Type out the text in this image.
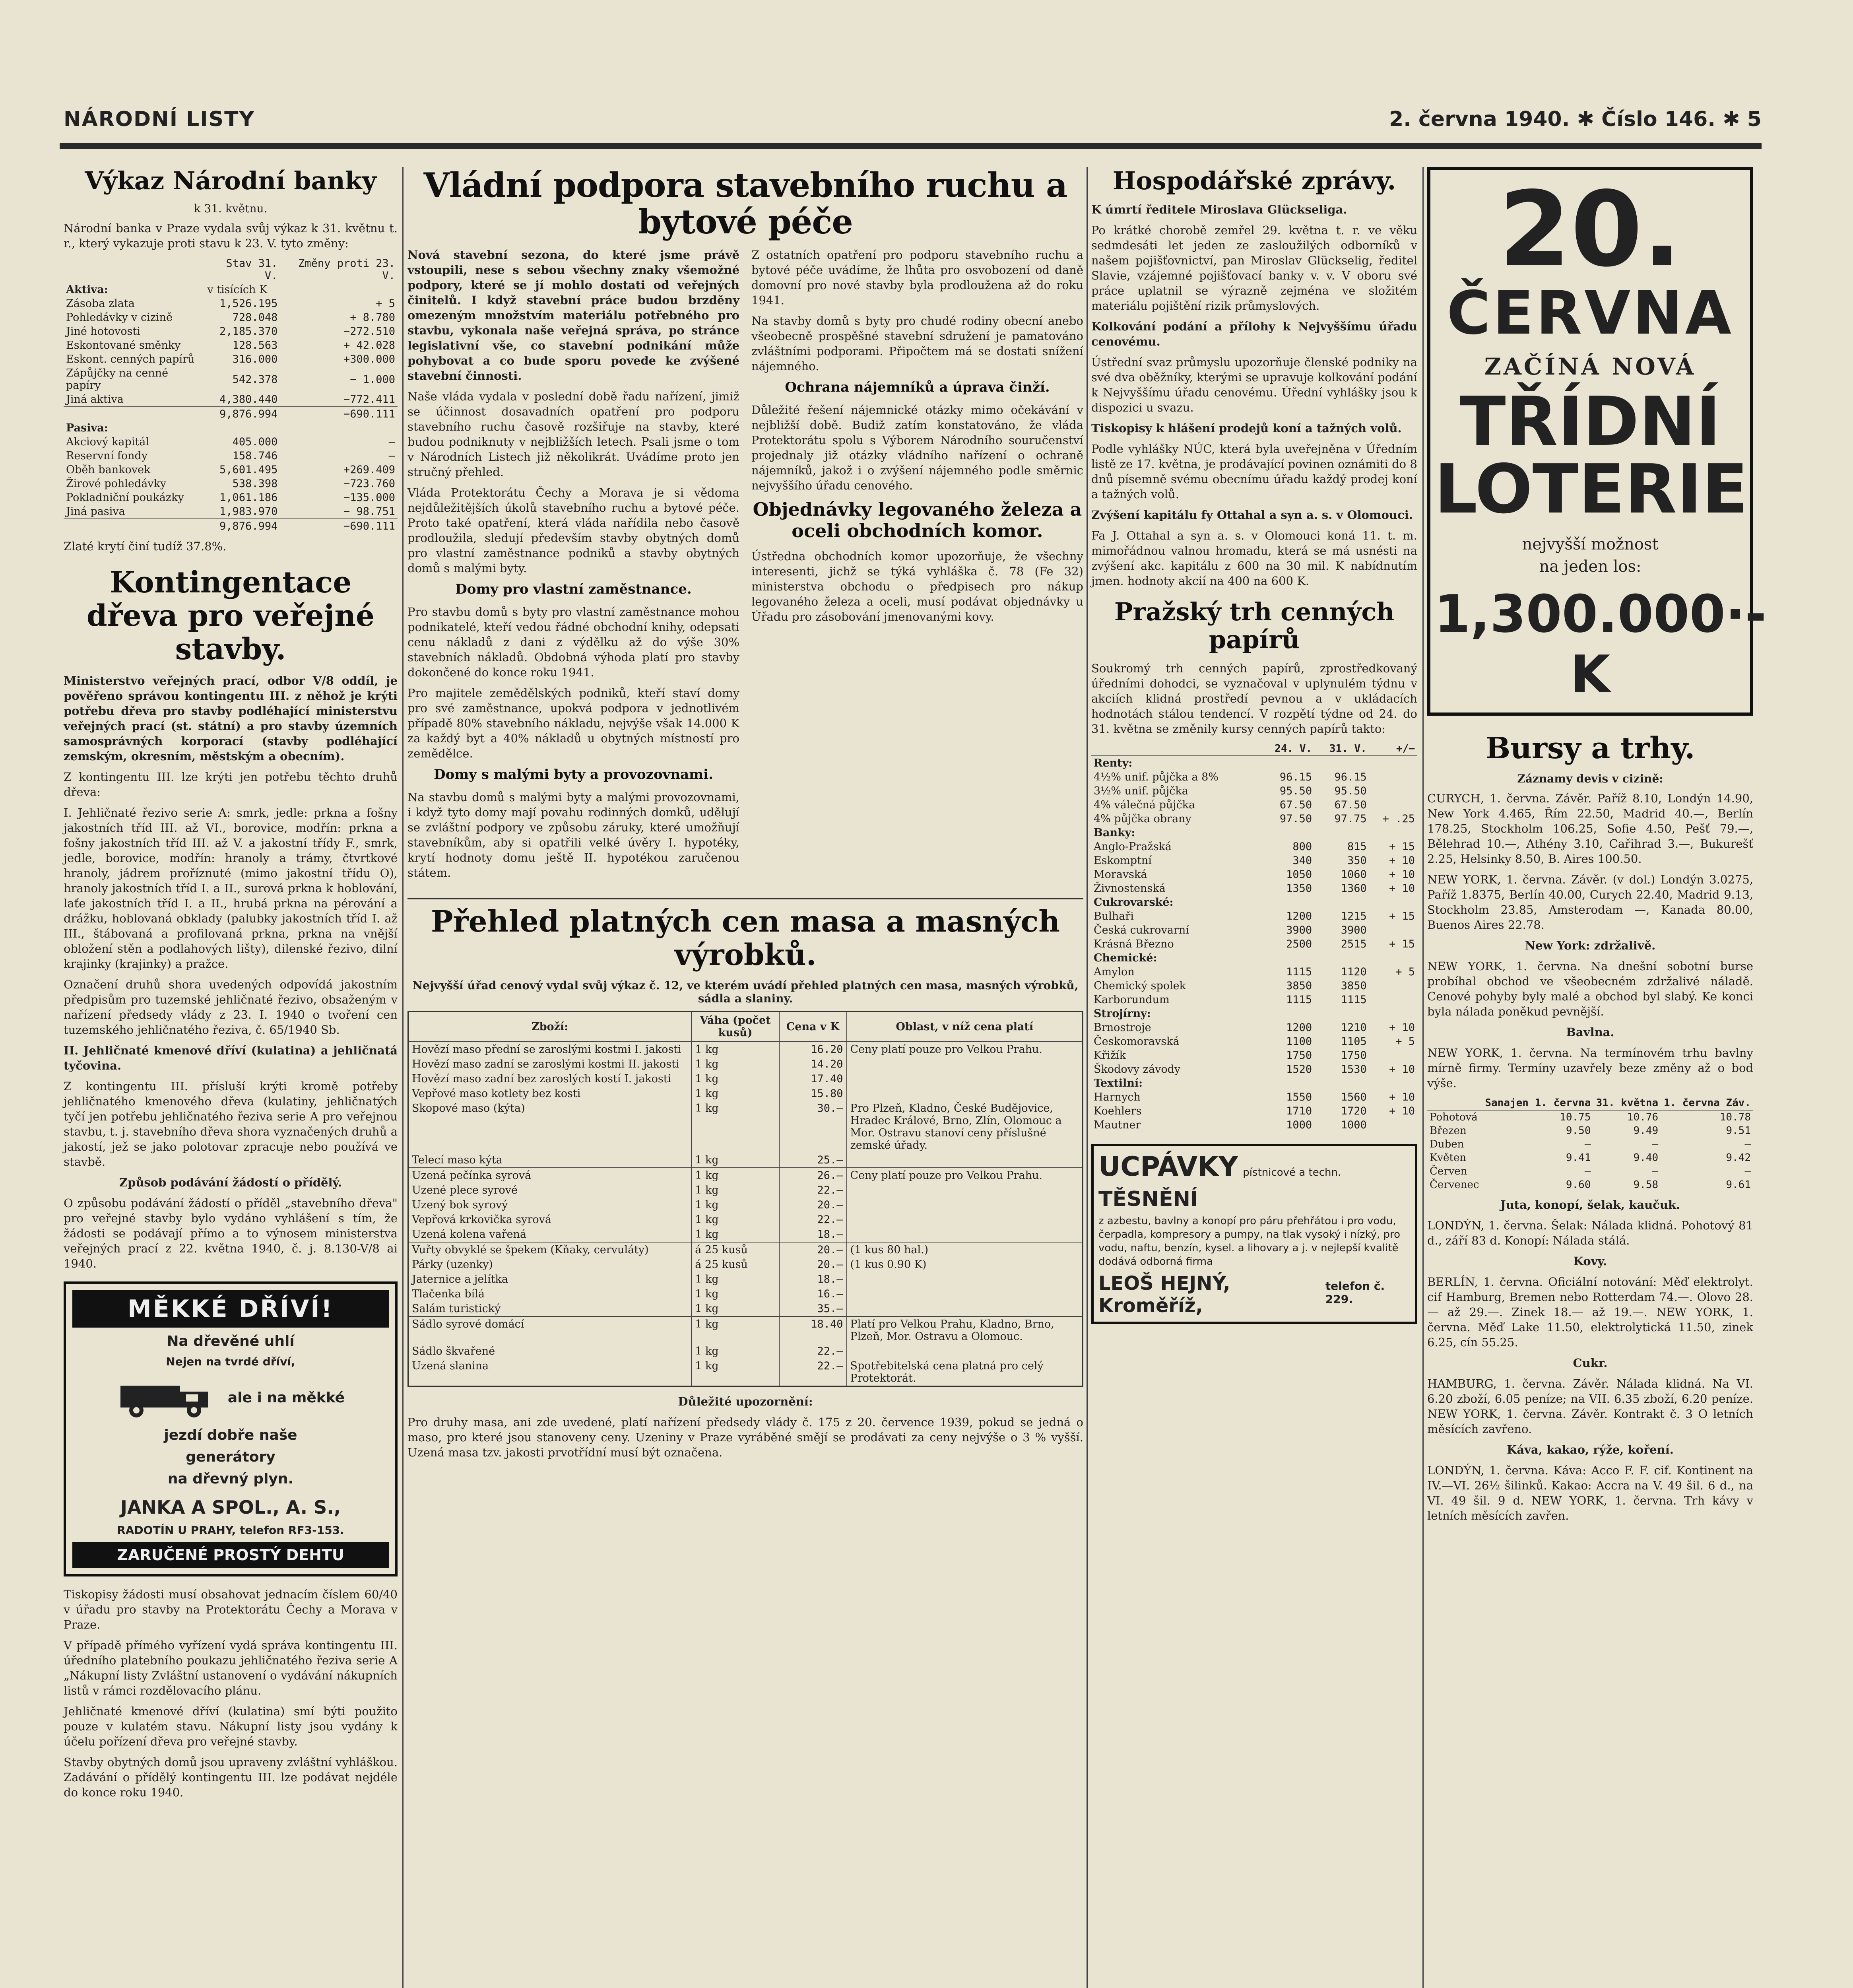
NÁRODNÍ LISTY	2. června 1940. ✱ Číslo 146. ✱ 5
Výkaz Národní banky
k 31. květnu.

Národní banka v Praze vydala svůj výkaz k 31. květnu t. r., který vykazuje proti stavu k 23. V. tyto změny:

	Stav 31. V.	Změny proti 23. V.
Aktiva:	v tisících K	
Zásoba zlata	1,526.195	+ 5
Pohledávky v cizině	728.048	+ 8.780
Jiné hotovosti	2,185.370	−272.510
Eskontované směnky	128.563	+ 42.028
Eskont. cenných papírů	316.000	+300.000
Zápůjčky na cenné papíry	542.378	− 1.000
Jiná aktiva	4,380.440	−772.411
	9,876.994	−690.111
Pasiva:		
Akciový kapitál	405.000	—
Reservní fondy	158.746	—
Oběh bankovek	5,601.495	+269.409
Žirové pohledávky	538.398	−723.760
Pokladniční poukázky	1,061.186	−135.000
Jiná pasiva	1,983.970	− 98.751
	9,876.994	−690.111

Zlaté krytí činí tudíž 37.8%.

Kontingentace dřeva pro veřejné stavby.

Ministerstvo veřejných prací, odbor V/8 oddíl, je pověřeno správou kontingentu III. z něhož je krýti potřebu dřeva pro stavby podléhající ministerstvu veřejných prací (st. státní) a pro stavby územních samosprávných korporací (stavby podléhající zemským, okresním, městským a obecním).

Z kontingentu III. lze krýti jen potřebu těchto druhů dřeva:

I. Jehličnaté řezivo serie A: smrk, jedle: prkna a fošny jakostních tříd III. až VI., borovice, modřín: prkna a fošny jakostních tříd III. až V. a jakostní třídy F., smrk, jedle, borovice, modřín: hranoly a trámy, čtvrtkové hranoly, jádrem proříznuté (mimo jakostní třídu O), hranoly jakostních tříd I. a II., surová prkna k hoblování, laťe jakostních tříd I. a II., hrubá prkna na pérování a drážku, hoblovaná obklady (palubky jakostních tříd I. až III., štábovaná a profilovaná prkna, prkna na vnější obložení stěn a podlahových lišty), dilenské řezivo, dilní krajinky (krajinky) a pražce.

Označení druhů shora uvedených odpovídá jakostním předpisům pro tuzemské jehličnaté řezivo, obsaženým v nařízení předsedy vlády z 23. I. 1940 o tvoření cen tuzemského jehličnatého řeziva, č. 65/1940 Sb.

II. Jehličnaté kmenové dříví (kulatina) a jehličnatá tyčovina.

Z kontingentu III. přísluší krýti kromě potřeby jehličnatého kmenového dřeva (kulatiny, jehličnatých tyčí jen potřebu jehličnatého řeziva serie A pro veřejnou stavbu, t. j. stavebního dřeva shora vyznačených druhů a jakostí, jež se jako polotovar zpracuje nebo používá ve stavbě.

Způsob podávání žádostí o přídělý.

O způsobu podávání žádostí o příděl „stavebního dřeva" pro veřejné stavby bylo vydáno vyhlášení s tím, že žádosti se podávají přímo a to výnosem ministerstva veřejných prací z 22. května 1940, č. j. 8.130-V/8 ai 1940.

MĚKKÉ DŘÍVÍ!
Na dřevěné uhlí
Nejen na tvrdé dříví,
ale i na měkké
jezdí dobře naše
generátory
na dřevný plyn.
JANKA A SPOL., A. S.,
RADOTÍN U PRAHY, telefon RF3-153.
ZARUČENÉ PROSTÝ DEHTU

Tiskopisy žádosti musí obsahovat jednacím číslem 60/40 v úřadu pro stavby na Protektorátu Čechy a Morava v Praze.

V případě přímého vyřízení vydá správa kontingentu III. úředního platebního poukazu jehličnatého řeziva serie A „Nákupní listy Zvláštní ustanovení o vydávání nákupních listů v rámci rozdělovacího plánu.

Jehličnaté kmenové dříví (kulatina) smí býti použito pouze v kulatém stavu. Nákupní listy jsou vydány k účelu pořízení dřeva pro veřejné stavby.

Stavby obytných domů jsou upraveny zvláštní vyhláškou. Zadávání o přídělý kontingentu III. lze podávat nejdéle do konce roku 1940.

Vládní podpora stavebního ruchu a bytové péče

Nová stavební sezona, do které jsme právě vstoupili, nese s sebou všechny znaky všemožné podpory, které se jí mohlo dostati od veřejných činitelů. I když stavební práce budou brzděny omezeným množstvím materiálu potřebného pro stavbu, vykonala naše veřejná správa, po stránce legislativní vše, co stavební podnikání může pohybovat a co bude sporu povede ke zvýšené stavební činnosti.

Naše vláda vydala v poslední době řadu nařízení, jimiž se účinnost dosavadních opatření pro podporu stavebního ruchu časově rozšiřuje na stavby, které budou podniknuty v nejbližších letech. Psali jsme o tom v Národních Listech již několikrát. Uvádíme proto jen stručný přehled.

Vláda Protektorátu Čechy a Morava je si vědoma nejdůležitějších úkolů stavebního ruchu a bytové péče. Proto také opatření, která vláda nařídila nebo časově prodloužila, sledují především stavby obytných domů pro vlastní zaměstnance podniků a stavby obytných domů s malými byty.

Domy pro vlastní zaměstnance.

Pro stavbu domů s byty pro vlastní zaměstnance mohou podnikatelé, kteří vedou řádné obchodní knihy, odepsati cenu nákladů z dani z výdělku až do výše 30% stavebních nákladů. Obdobná výhoda platí pro stavby dokončené do konce roku 1941.

Pro majitele zemědělských podniků, kteří staví domy pro své zaměstnance, upokvá podpora v jednotlivém případě 80% stavebního nákladu, nejvýše však 14.000 K za každý byt a 40% nákladů u obytných místností pro zemědělce.

Domy s malými byty a provozovnami.

Na stavbu domů s malými byty a malými provozovnami, i když tyto domy mají povahu rodinných domků, udělují se zvláštní podpory ve způsobu záruky, které umožňují stavebníkům, aby si opatřili velké úvěry I. hypotéky, krytí hodnoty domu ještě II. hypotékou zaručenou státem.

Z ostatních opatření pro podporu stavebního ruchu a bytové péče uvádíme, že lhůta pro osvobození od daně domovní pro nové stavby byla prodloužena až do roku 1941.

Na stavby domů s byty pro chudé rodiny obecní anebo všeobecně prospěšné stavební sdružení je pamatováno zvláštními podporami. Připočtem má se dostati snížení nájemného.

Ochrana nájemníků a úprava činží.

Důležité řešení nájemnické otázky mimo očekávání v nejbližší době. Budiž zatím konstatováno, že vláda Protektorátu spolu s Výborem Národního souručenství projednaly již otázky vládního nařízení o ochraně nájemníků, jakož i o zvýšení nájemného podle směrnic nejvyššího úřadu cenového.

Objednávky legovaného železa a oceli obchodních komor.

Ústředna obchodních komor upozorňuje, že všechny interesenti, jichž se týká vyhláška č. 78 (Fe 32) ministerstva obchodu o předpisech pro nákup legovaného železa a oceli, musí podávat objednávky u Úřadu pro zásobování jmenovanými kovy.

Přehled platných cen masa a masných výrobků.
Nejvyšší úřad cenový vydal svůj výkaz č. 12, ve kterém uvádí přehled platných cen masa, masných výrobků, sádla a slaniny.
Zboží:	Váha (počet kusů)	Cena v K	Oblast, v níž cena platí
Hovězí maso přední se zaroslými kostmi I. jakosti	1 kg	16.20	Ceny platí pouze pro Velkou Prahu.
Hovězí maso zadní se zaroslými kostmi II. jakosti	1 kg	14.20	
Hovězí maso zadní bez zaroslých kostí I. jakosti	1 kg	17.40	
Vepřové maso kotlety bez kosti	1 kg	15.80	
Skopové maso (kýta)	1 kg	30.—	Pro Plzeň, Kladno, České Budějovice, Hradec Králové, Brno, Zlín, Olomouc a Mor. Ostravu stanoví ceny příslušné zemské úřady.
Telecí maso kýta	1 kg	25.—	
Uzená pečínka syrová	1 kg	26.—	Ceny platí pouze pro Velkou Prahu.
Uzené plece syrové	1 kg	22.—	
Uzený bok syrový	1 kg	20.—	
Vepřová krkovička syrová	1 kg	22.—	
Uzená kolena vařená	1 kg	18.—	
Vuřty obvyklé se špekem (Kňaky, cervuláty)	á 25 kusů	20.—	(1 kus 80 hal.)
Párky (uzenky)	á 25 kusů	20.—	(1 kus 0.90 K)
Jaternice a jelítka	1 kg	18.—	
Tlačenka bílá	1 kg	16.—	
Salám turistický	1 kg	35.—	
Sádlo syrové domácí	1 kg	18.40	Platí pro Velkou Prahu, Kladno, Brno, Plzeň, Mor. Ostravu a Olomouc.
Sádlo škvařené	1 kg	22.—	
Uzená slanina	1 kg	22.—	Spotřebitelská cena platná pro celý Protektorát.

Důležité upozornění:

Pro druhy masa, ani zde uvedené, platí nařízení předsedy vlády č. 175 z 20. července 1939, pokud se jedná o maso, pro které jsou stanoveny ceny. Uzeniny v Praze vyráběné smějí se prodávati za ceny nejvýše o 3 % vyšší. Uzená masa tzv. jakosti prvotřídní musí být označena.

Hospodářské zprávy.

K úmrtí ředitele Miroslava Glückseliga.

Po krátké chorobě zemřel 29. května t. r. ve věku sedmdesáti let jeden ze zasloužilých odborníků v našem pojišťovnictví, pan Miroslav Glückselig, ředitel Slavie, vzájemné pojišťovací banky v. v. V oboru své práce uplatnil se výrazně zejména ve složitém materiálu pojištění rizik průmyslových.

Kolkování podání a přílohy k Nejvyššímu úřadu cenovému.

Ústřední svaz průmyslu upozorňuje členské podniky na své dva oběžníky, kterými se upravuje kolkování podání k Nejvyššímu úřadu cenovému. Úřední vyhlášky jsou k dispozici u svazu.

Tiskopisy k hlášení prodejů koní a tažných volů.

Podle vyhlášky NÚC, která byla uveřejněna v Úředním listě ze 17. května, je prodávající povinen oznámiti do 8 dnů písemně svému obecnímu úřadu každý prodej koní a tažných volů.

Zvýšení kapitálu fy Ottahal a syn a. s. v Olomouci.

Fa J. Ottahal a syn a. s. v Olomouci koná 11. t. m. mimořádnou valnou hromadu, která se má usnésti na zvýšení akc. kapitálu z 600 na 30 mil. K nabídnutím jmen. hodnoty akcií na 400 na 600 K.

Pražský trh cenných papírů

Soukromý trh cenných papírů, zprostředkovaný úředními dohodci, se vyznačoval v uplynulém týdnu v akciích klidná prostředí pevnou a v ukládacích hodnotách stálou tendencí. V rozpětí týdne od 24. do 31. května se změnily kursy cenných papírů takto:

	24. V.	31. V.	+/−
Renty:			
4½% unif. půjčka a 8%	96.15	96.15	
3½% unif. půjčka	95.50	95.50	
4% válečná půjčka	67.50	67.50	
4% půjčka obrany	97.50	97.75	+ .25
Banky:			
Anglo-Pražská	800	815	+ 15
Eskomptní	340	350	+ 10
Moravská	1050	1060	+ 10
Živnostenská	1350	1360	+ 10
Cukrovarské:			
Bulhaři	1200	1215	+ 15
Česká cukrovarní	3900	3900	
Krásná Březno	2500	2515	+ 15
Chemické:			
Amylon	1115	1120	+ 5
Chemický spolek	3850	3850	
Karborundum	1115	1115	
Strojírny:			
Brnostroje	1200	1210	+ 10
Českomoravská	1100	1105	+ 5
Křižík	1750	1750	
Škodovy závody	1520	1530	+ 10
Textilní:			
Harnych	1550	1560	+ 10
Koehlers	1710	1720	+ 10
Mautner	1000	1000	
UCPÁVKY pístnicové a techn.
TĚSNĚNÍ
z azbestu, bavlny a konopí pro páru přehřátou i pro vodu, čerpadla, kompresory a pumpy, na tlak vysoký i nízký, pro vodu, naftu, benzín, kysel. a lihovary a j. v nejlepší kvalitě dodává odborná firma
LEOŠ HEJNÝ, Kroměříž,
telefon č. 229.
20.
ČERVNA
ZAČÍNÁ NOVÁ
TŘÍDNÍ
LOTERIE
nejvyšší možnost
na jeden los:
1,300.000·- K
Bursy a trhy.
Záznamy devis v cizině:

CURYCH, 1. června. Závěr. Paříž 8.10, Londýn 14.90, New York 4.465, Řím 22.50, Madrid 40.—, Berlín 178.25, Stockholm 106.25, Sofie 4.50, Pešť 79.—, Bělehrad 10.—, Athény 3.10, Cařihrad 3.—, Bukurešť 2.25, Helsinky 8.50, B. Aires 100.50.

NEW YORK, 1. června. Závěr. (v dol.) Londýn 3.0275, Paříž 1.8375, Berlín 40.00, Curych 22.40, Madrid 9.13, Stockholm 23.85, Amsterodam —, Kanada 80.00, Buenos Aires 22.78.

New York: zdržalivě.

NEW YORK, 1. června. Na dnešní sobotní burse probíhal obchod ve všeobecném zdržalivé náladě. Cenové pohyby byly malé a obchod byl slabý. Ke konci byla nálada poněkud pevnější.

Bavlna.

NEW YORK, 1. června. Na termínovém trhu bavlny mírně firmy. Termíny uzavřely beze změny až o bod výše.

	Sanajen 1. června	31. května	1. června Záv.
Pohotová	10.75	10.76	10.78
Březen	9.50	9.49	9.51
Duben	—	—	—
Květen	9.41	9.40	9.42
Červen	—	—	—
Červenec	9.60	9.58	9.61

Juta, konopí, šelak, kaučuk.

LONDÝN, 1. června. Šelak: Nálada klidná. Pohotový 81 d., září 83 d. Konopí: Nálada stálá.

Kovy.

BERLÍN, 1. června. Oficiální notování: Měď elektrolyt. cif Hamburg, Bremen nebo Rotterdam 74.—. Olovo 28.— až 29.—. Zinek 18.— až 19.—. NEW YORK, 1. června. Měď Lake 11.50, elektrolytická 11.50, zinek 6.25, cín 55.25.

Cukr.

HAMBURG, 1. června. Závěr. Nálada klidná. Na VI. 6.20 zboží, 6.05 peníze; na VII. 6.35 zboží, 6.20 peníze. NEW YORK, 1. června. Závěr. Kontrakt č. 3 O letních měsících zavřeno.

Káva, kakao, rýže, koření.

LONDÝN, 1. června. Káva: Acco F. F. cif. Kontinent na IV.—VI. 26½ šilinků. Kakao: Accra na V. 49 šil. 6 d., na VI. 49 šil. 9 d. NEW YORK, 1. června. Trh kávy v letních měsících zavřen.
